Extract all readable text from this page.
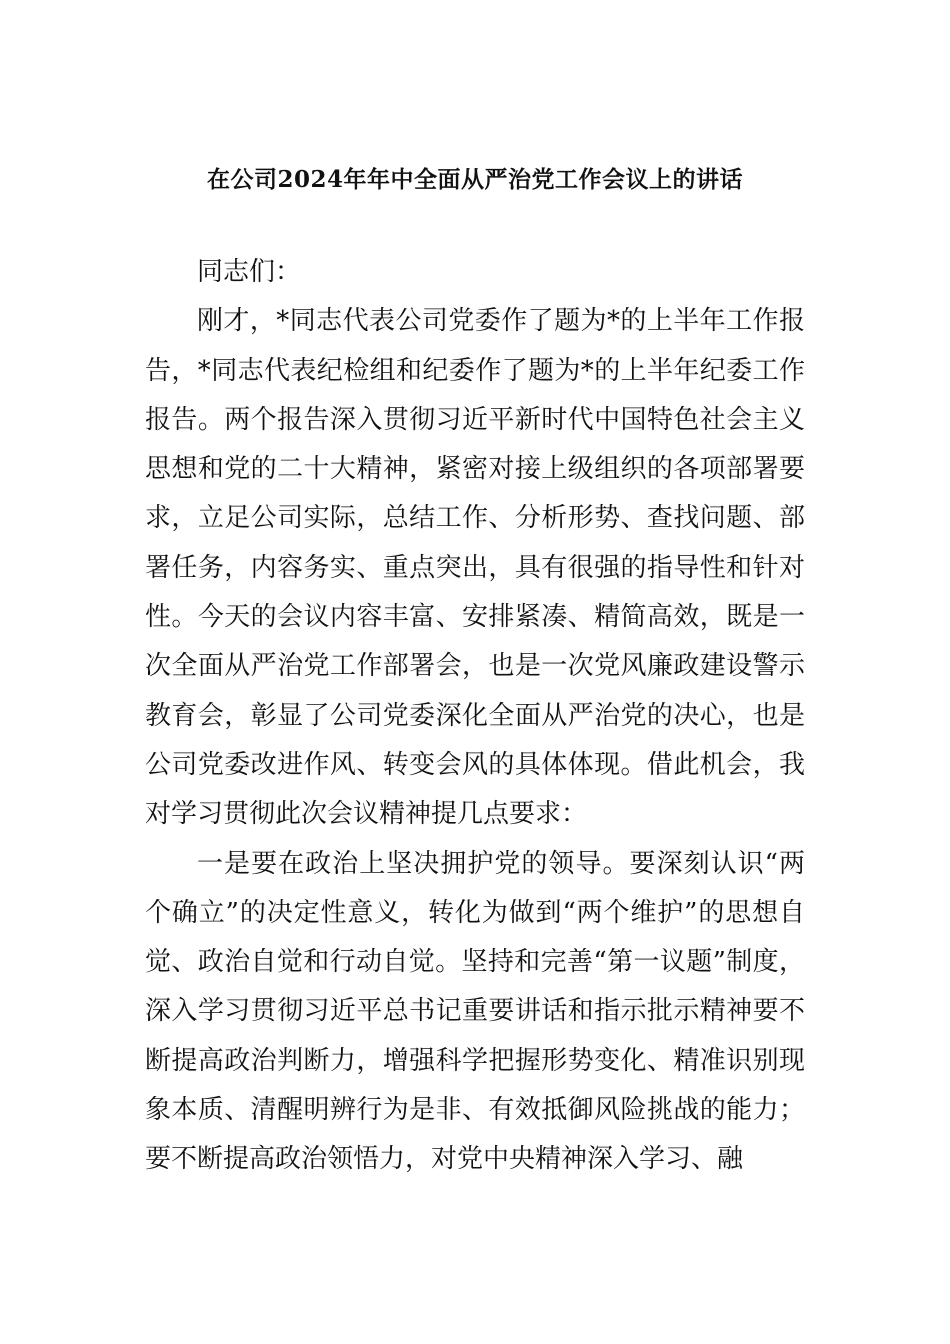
在公司2024年年中全面从严治党工作会议上的讲话

同志们：

刚才，*同志代表公司党委作了题为*的上半年工作报告，*同志代表纪检组和纪委作了题为*的上半年纪委工作报告。两个报告深入贯彻习近平新时代中国特色社会主义思想和党的二十大精神，紧密对接上级组织的各项部署要求，立足公司实际，总结工作、分析形势、查找问题、部署任务，内容务实、重点突出，具有很强的指导性和针对性。今天的会议内容丰富、安排紧凑、精简高效，既是一次全面从严治党工作部署会，也是一次党风廉政建设警示教育会，彰显了公司党委深化全面从严治党的决心，也是公司党委改进作风、转变会风的具体体现。借此机会，我对学习贯彻此次会议精神提几点要求：

一是要在政治上坚决拥护党的领导。要深刻认识“两个确立”的决定性意义，转化为做到“两个维护”的思想自觉、政治自觉和行动自觉。坚持和完善“第一议题”制度，深入学习贯彻习近平总书记重要讲话和指示批示精神要不断提高政治判断力，增强科学把握形势变化、精准识别现象本质、清醒明辨行为是非、有效抵御风险挑战的能力；要不断提高政治领悟力，对党中央精神深入学习、融
